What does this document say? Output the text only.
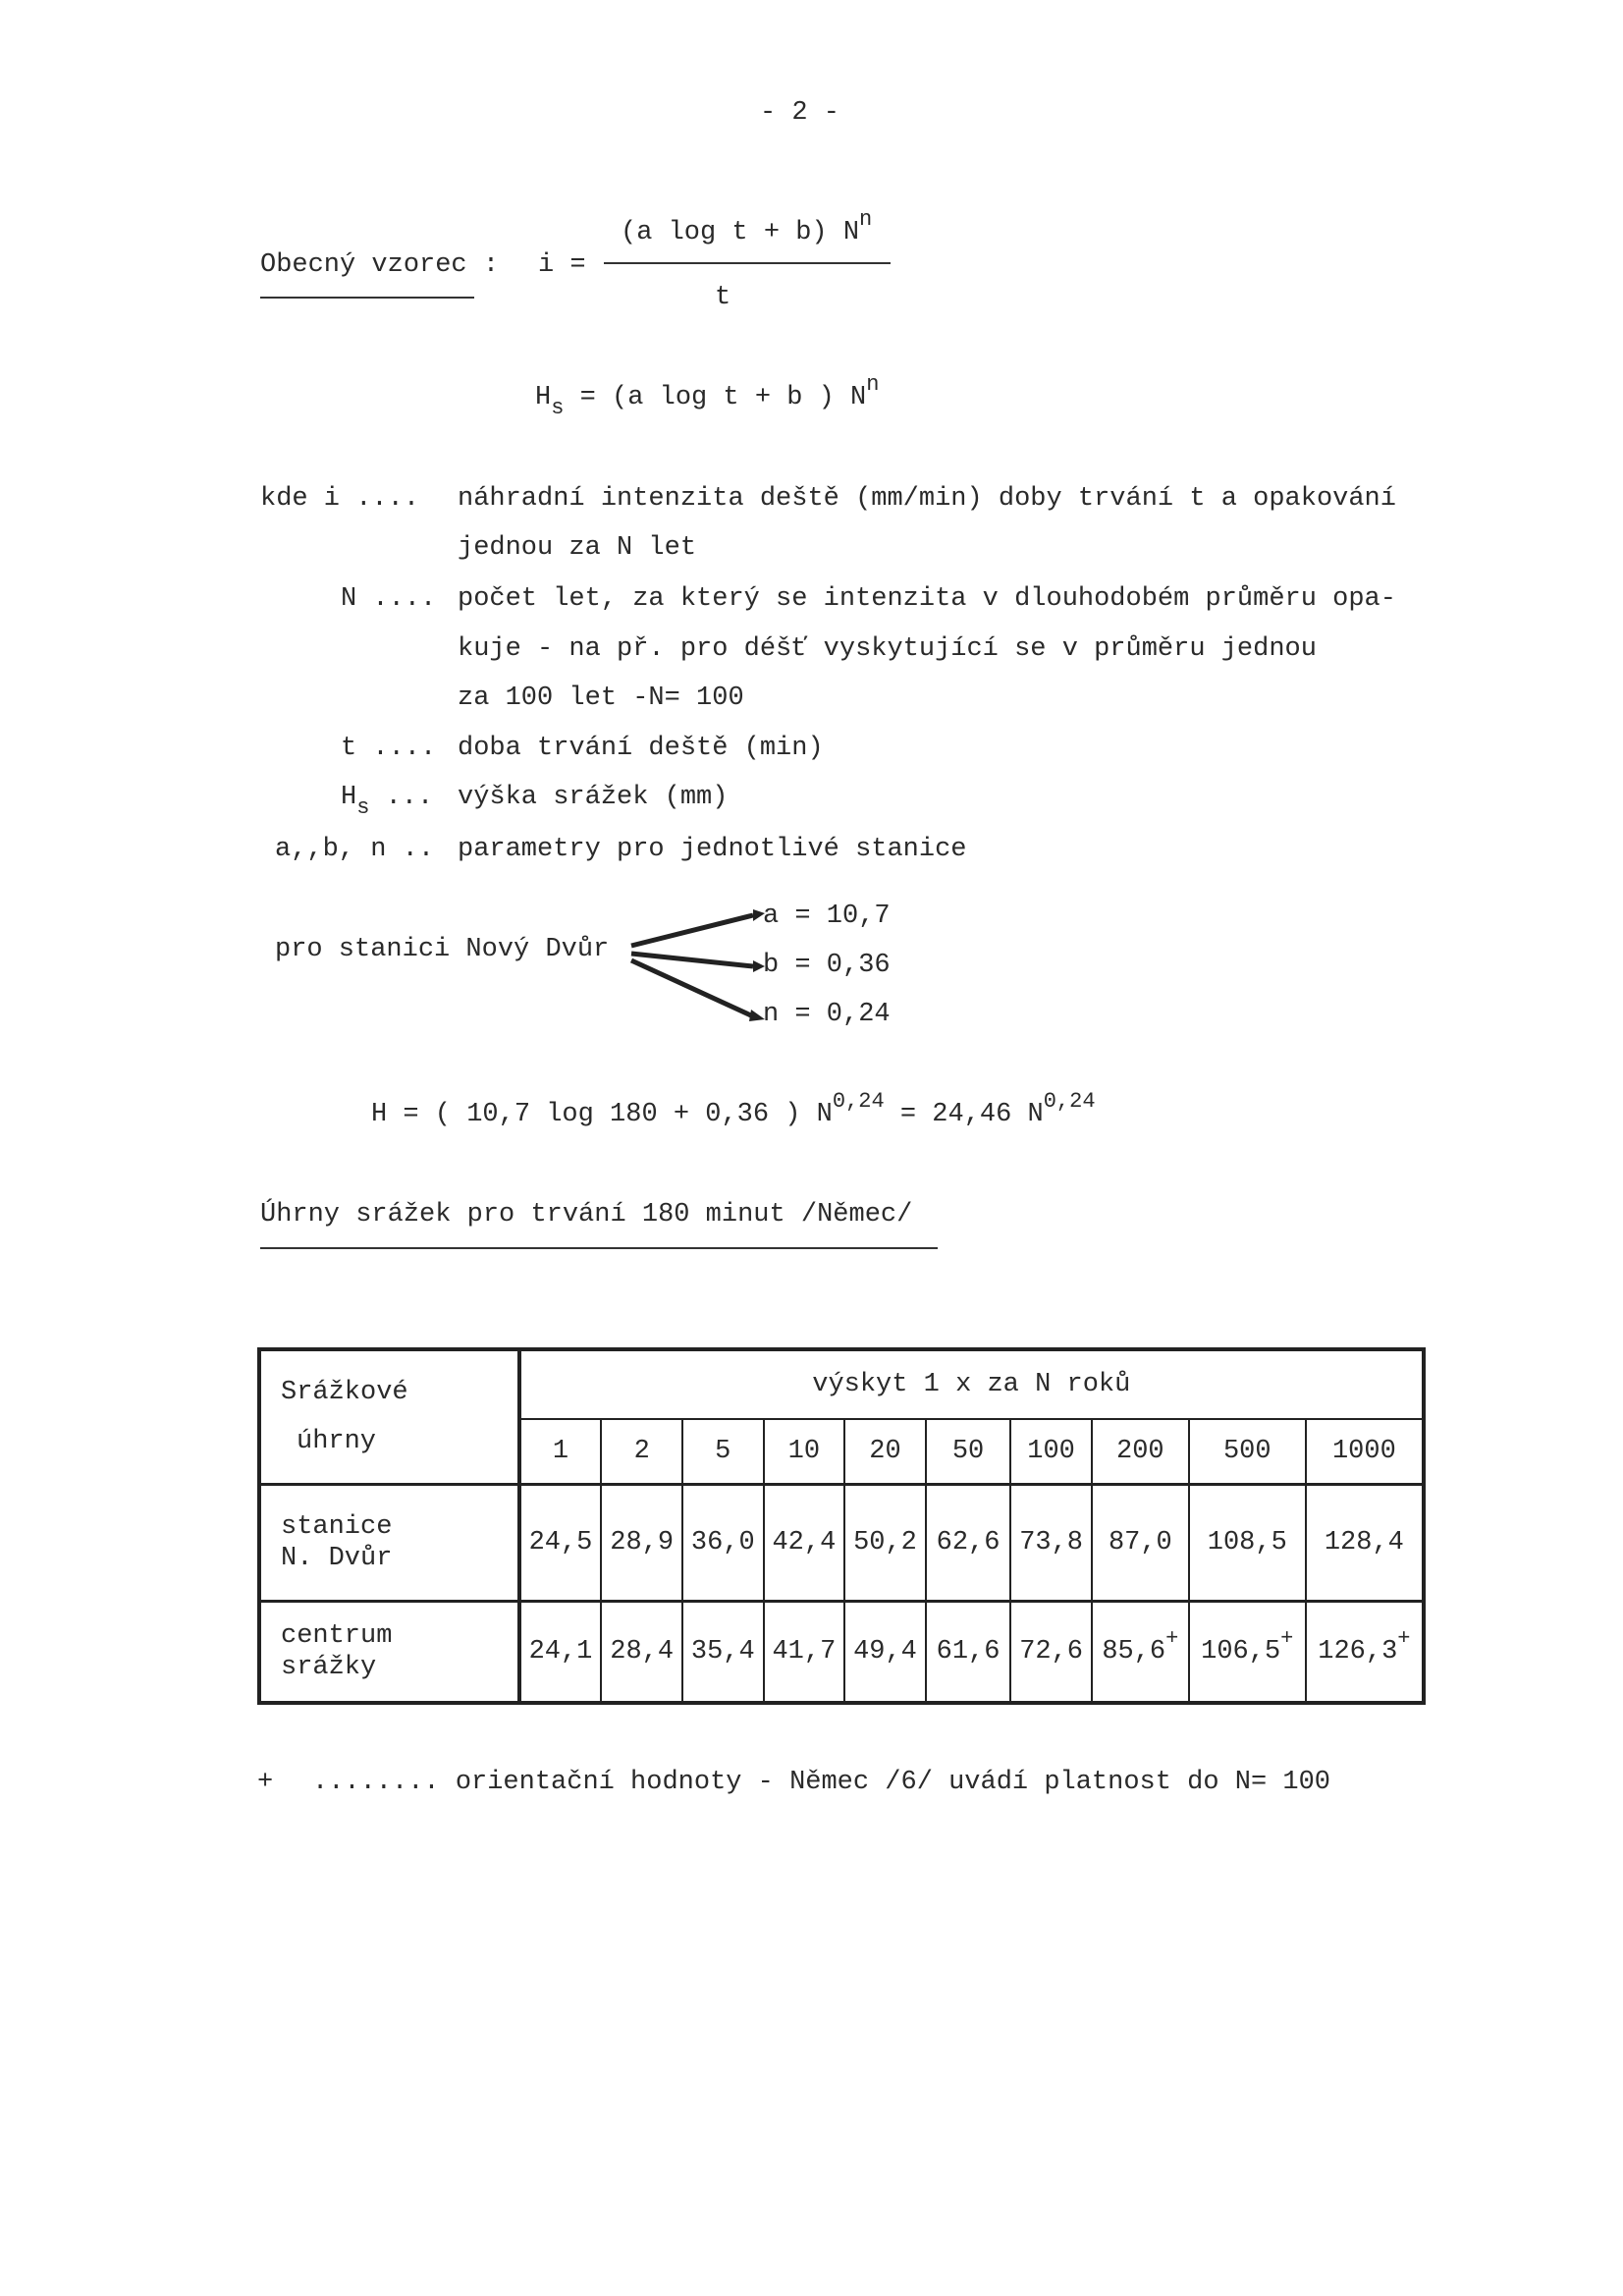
- 2 -
Obecný vzorec : i =
(a log t + b) $N^n$
t
$H_s = (a$ log t + b ) $N^n$
kde i .... náhradní intenzita deště (mm/min) doby trvání t a opakování
jednou za N let
N .... počet let, za který se intenzita v dlouhodobém průměru opa-
kuje - na př. pro déšť vyskytující se v průměru jednou
za 100 let -N= 100
t .... doba trvání deště (min)
$H_s$ ... výška srážek (mm)
a,,b, n .. parametry pro jednotlivé stanice
pro stanici Nový Dvůr
a = 10,7
b = 0,36
n = 0,24
H = ( 10,7 log 180 + 0,36 ) N$^{0,24}$ = 24,46 N$^{0,24}$
Úhrny srážek pro trvání 180 minut /Němec/
Srážkové
úhrny	výskyt 1 x za N roků									
	1	2	5	10	20	50	100	200	500	1000

stanice
N. Dvůr	24,5	28,9	36,0	42,4	50,2	62,6	73,8	87,0	108,5	128,4

centrum
srážky	24,1	28,4	35,4	41,7	49,4	61,6	72,6	85,6+	106,5+	126,3+
+ ........ orientační hodnoty - Němec /6/ uvádí platnost do N= 100
